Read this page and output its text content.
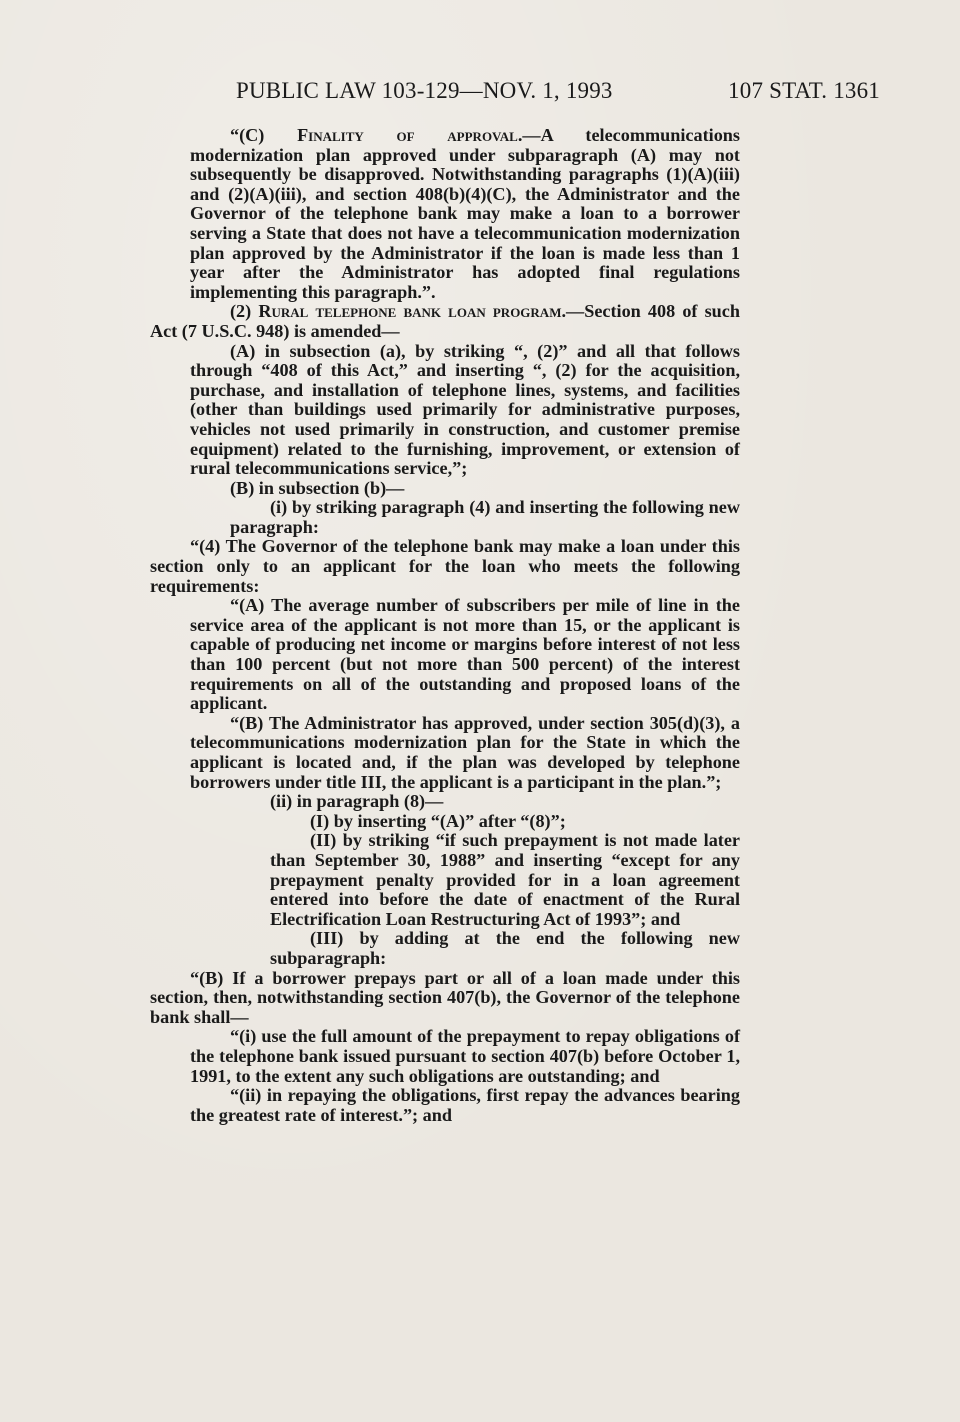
PUBLIC LAW 103-129—NOV. 1, 1993	107 STAT. 1361

“(C) Finality of approval.—A telecommunications modernization plan approved under subparagraph (A) may not subsequently be disapproved. Notwithstanding paragraphs (1)(A)(iii) and (2)(A)(iii), and section 408(b)(4)(C), the Administrator and the Governor of the telephone bank may make a loan to a borrower serving a State that does not have a telecommunication modernization plan approved by the Administrator if the loan is made less than 1 year after the Administrator has adopted final regulations implementing this paragraph.”.

(2) Rural telephone bank loan program.—Section 408 of such Act (7 U.S.C. 948) is amended—

(A) in subsection (a), by striking “, (2)” and all that follows through “408 of this Act,” and inserting “, (2) for the acquisition, purchase, and installation of telephone lines, systems, and facilities (other than buildings used primarily for administrative purposes, vehicles not used primarily in construction, and customer premise equipment) related to the furnishing, improvement, or extension of rural telecommunications service,”;

(B) in subsection (b)—

(i) by striking paragraph (4) and inserting the following new paragraph:

“(4) The Governor of the telephone bank may make a loan under this section only to an applicant for the loan who meets the following requirements:

“(A) The average number of subscribers per mile of line in the service area of the applicant is not more than 15, or the applicant is capable of producing net income or margins before interest of not less than 100 percent (but not more than 500 percent) of the interest requirements on all of the outstanding and proposed loans of the applicant.

“(B) The Administrator has approved, under section 305(d)(3), a telecommunications modernization plan for the State in which the applicant is located and, if the plan was developed by telephone borrowers under title III, the applicant is a participant in the plan.”;

(ii) in paragraph (8)—

(I) by inserting “(A)” after “(8)”;

(II) by striking “if such prepayment is not made later than September 30, 1988” and inserting “except for any prepayment penalty provided for in a loan agreement entered into before the date of enactment of the Rural Electrification Loan Restructuring Act of 1993”; and

(III) by adding at the end the following new subparagraph:

“(B) If a borrower prepays part or all of a loan made under this section, then, notwithstanding section 407(b), the Governor of the telephone bank shall—

“(i) use the full amount of the prepayment to repay obligations of the telephone bank issued pursuant to section 407(b) before October 1, 1991, to the extent any such obligations are outstanding; and

“(ii) in repaying the obligations, first repay the advances bearing the greatest rate of interest.”; and
